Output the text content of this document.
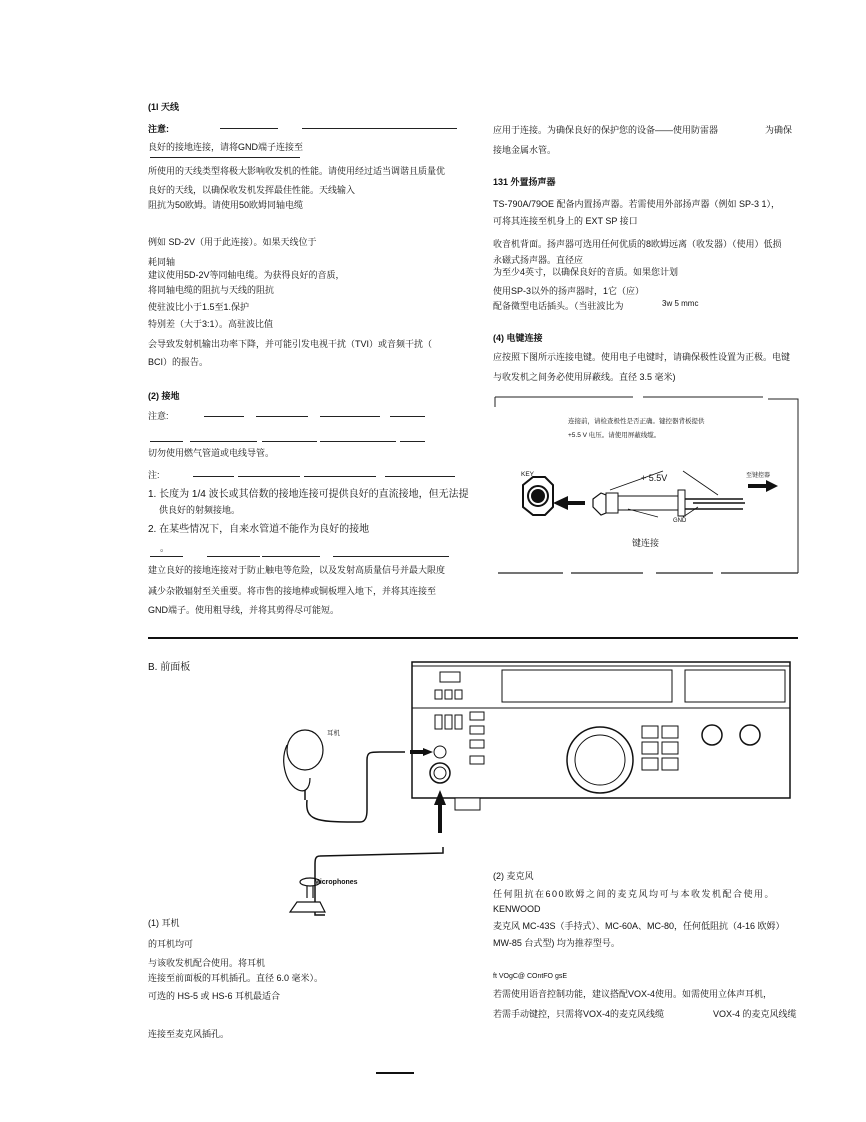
(1l 天线
注意:
良好的接地连接，请将GND端子连接至
所使用的天线类型将极大影响收发机的性能。请使用经过适当调谐且质量优
良好的天线，以确保收发机发挥最佳性能。天线输入
阻抗为50欧姆。请使用50欧姆同轴电缆
例如 SD-2V（用于此连接）。如果天线位于
耗同轴
建议使用5D-2V等同轴电缆。为获得良好的音质，
将同轴电缆的阻抗与天线的阻抗
使驻波比小于1.5至1.保护
特别差（大于3:1）。高驻波比值
会导致发射机输出功率下降，并可能引发电视干扰（TVI）或音频干扰（
BCI）的报告。
(2) 接地
注意:
切勿使用燃气管道或电线导管。
注:
1. 长度为 1/4 波长或其倍数的接地连接可提供良好的直流接地，但无法提
供良好的射频接地。
2. 在某些情况下，自来水管道不能作为良好的接地
。
建立良好的接地连接对于防止触电等危险，以及发射高质量信号并最大限度
减少杂散辐射至关重要。将市售的接地棒或铜板埋入地下，并将其连接至
GND端子。使用粗导线，并将其剪得尽可能短。
应用于连接。为确保良好的保护您的设备——使用防雷器	为确保
接地金属水管。
131 外置扬声器
TS-790A/79OE 配备内置扬声器。若需使用外部扬声器（例如 SP-3 1），
可将其连接至机身上的 EXT SP 接口
收音机背面。扬声器可选用任何优质的8欧姆远离（收发器）（使用）低损
永磁式扬声器。直径应
为至少4英寸，以确保良好的音质。如果您计划
使用SP-3以外的扬声器时，1它（应）
配备微型电话插头。（当驻波比为	3w 5 mmc
(4) 电键连接
应按照下图所示连接电键。使用电子电键时，请确保极性设置为正极。电键
与收发机之间务必使用屏蔽线。直径 3.5 毫米)
连接前，请检查极性是否正确。键控器背板提供
+5.5 V 电压。请使用屏蔽线缆。
KEY	+ 5.5V
GND
至键控器
键连接
B. 前面板
耳机
Microphones
(1) 耳机
的耳机均可
与该收发机配合使用。将耳机
连接至前面板的耳机插孔。直径 6.0 毫米）。
可选的 HS-5 或 HS-6 耳机最适合
连接至麦克风插孔。
(2) 麦克风
任何阻抗在600欧姆之间的麦克风均可与本收发机配合使用。
KENWOOD
麦克风 MC-43S（手持式）、MC-60A、MC-80，任何低阻抗（4-16 欧姆）
MW-85 台式型) 均为推荐型号。
ft VOgC@ COntFO gsE
若需使用语音控制功能，建议搭配VOX-4使用。如需使用立体声耳机，
若需手动键控，只需将VOX-4的麦克风线缆	VOX-4 的麦克风线缆
